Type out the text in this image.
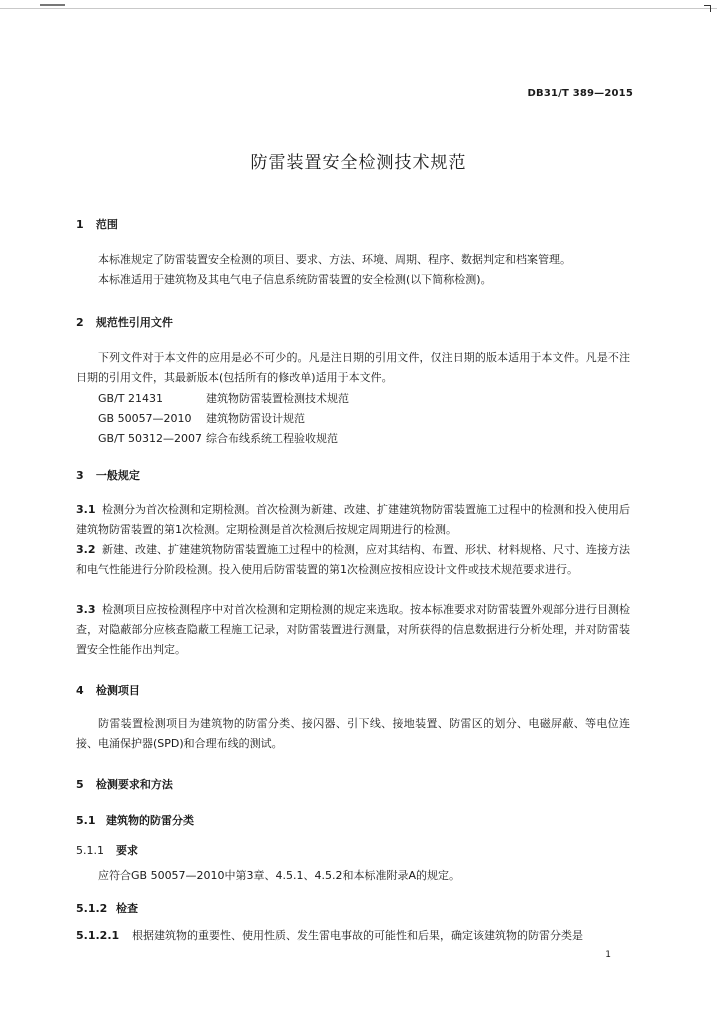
DB31/T 389—2015
防雷装置安全检测技术规范
1 范围
本标准规定了防雷装置安全检测的项目、要求、方法、环境、周期、程序、数据判定和档案管理。
本标准适用于建筑物及其电气电子信息系统防雷装置的安全检测(以下简称检测)。
2 规范性引用文件
下列文件对于本文件的应用是必不可少的。凡是注日期的引用文件，仅注日期的版本适用于本文件。凡是不注日期的引用文件，其最新版本(包括所有的修改单)适用于本文件。
GB/T 21431	建筑物防雷装置检测技术规范
GB 50057—2010 建筑物防雷设计规范
GB/T 50312—2007 综合布线系统工程验收规范
3 一般规定
3.1 检测分为首次检测和定期检测。首次检测为新建、改建、扩建建筑物防雷装置施工过程中的检测和投入使用后建筑物防雷装置的第1次检测。定期检测是首次检测后按规定周期进行的检测。
3.2 新建、改建、扩建建筑物防雷装置施工过程中的检测，应对其结构、布置、形状、材料规格、尺寸、连接方法和电气性能进行分阶段检测。投入使用后防雷装置的第1次检测应按相应设计文件或技术规范要求进行。
3.3 检测项目应按检测程序中对首次检测和定期检测的规定来选取。按本标准要求对防雷装置外观部分进行目测检查，对隐蔽部分应核查隐蔽工程施工记录，对防雷装置进行测量，对所获得的信息数据进行分析处理，并对防雷装置安全性能作出判定。
4 检测项目
防雷装置检测项目为建筑物的防雷分类、接闪器、引下线、接地装置、防雷区的划分、电磁屏蔽、等电位连接、电涌保护器(SPD)和合理布线的测试。
5 检测要求和方法
5.1 建筑物的防雷分类
5.1.1 要求
应符合GB 50057—2010中第3章、4.5.1、4.5.2和本标准附录A的规定。
5.1.2 检查
5.1.2.1 根据建筑物的重要性、使用性质、发生雷电事故的可能性和后果，确定该建筑物的防雷分类是
1
